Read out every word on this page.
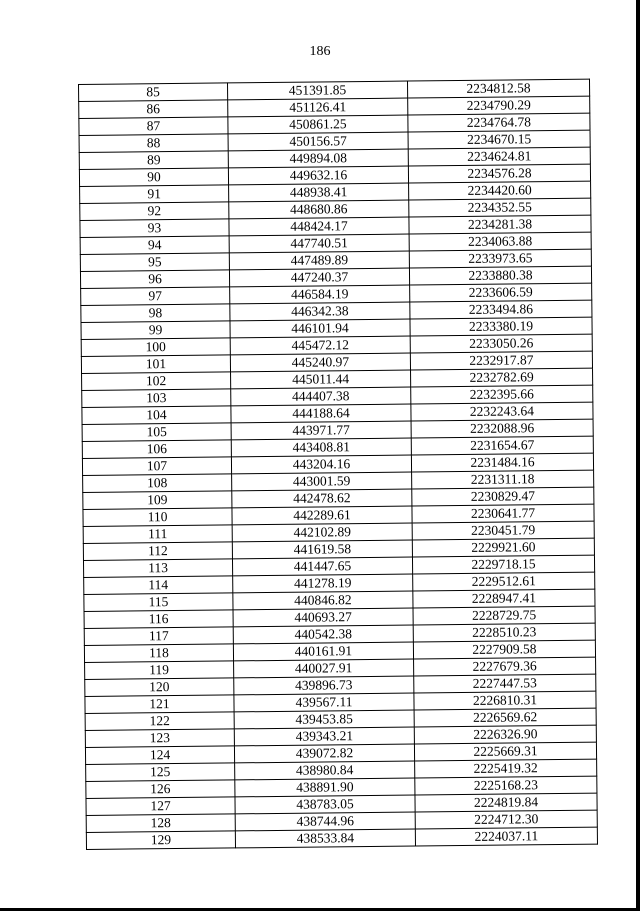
186
85	451391.85	2234812.58
86	451126.41	2234790.29
87	450861.25	2234764.78
88	450156.57	2234670.15
89	449894.08	2234624.81
90	449632.16	2234576.28
91	448938.41	2234420.60
92	448680.86	2234352.55
93	448424.17	2234281.38
94	447740.51	2234063.88
95	447489.89	2233973.65
96	447240.37	2233880.38
97	446584.19	2233606.59
98	446342.38	2233494.86
99	446101.94	2233380.19
100	445472.12	2233050.26
101	445240.97	2232917.87
102	445011.44	2232782.69
103	444407.38	2232395.66
104	444188.64	2232243.64
105	443971.77	2232088.96
106	443408.81	2231654.67
107	443204.16	2231484.16
108	443001.59	2231311.18
109	442478.62	2230829.47
110	442289.61	2230641.77
111	442102.89	2230451.79
112	441619.58	2229921.60
113	441447.65	2229718.15
114	441278.19	2229512.61
115	440846.82	2228947.41
116	440693.27	2228729.75
117	440542.38	2228510.23
118	440161.91	2227909.58
119	440027.91	2227679.36
120	439896.73	2227447.53
121	439567.11	2226810.31
122	439453.85	2226569.62
123	439343.21	2226326.90
124	439072.82	2225669.31
125	438980.84	2225419.32
126	438891.90	2225168.23
127	438783.05	2224819.84
128	438744.96	2224712.30
129	438533.84	2224037.11
